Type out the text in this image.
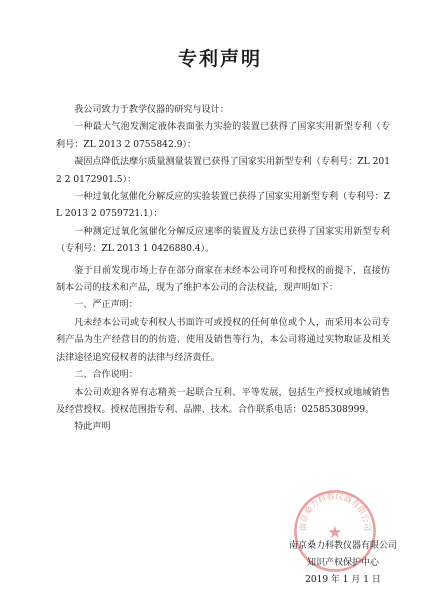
专利声明

我公司致力于教学仪器的研究与设计：

一种最大气泡发测定液体表面张力实验的装置已获得了国家实用新型专利（专利号：ZL 2013 2 0755842.9）：

凝固点降低法摩尔质量测量装置已获得了国家实用新型专利（专利号：ZL 2012 2 0172901.5）：

一种过氧化氢催化分解反应的实验装置已获得了国家实用新型专利（专利号：ZL 2013 2 0759721.1）：

一种测定过氧化氢催化分解反应速率的装置及方法已获得了国家实用新型专利（专利号：ZL 2013 1 0426880.4）。

鉴于目前发现市场上存在部分商家在未经本公司许可和授权的前提下，直接仿制本公司的技术和产品，现为了维护本公司的合法权益，现声明如下：

一、严正声明：

凡未经本公司或专利权人书面许可或授权的任何单位或个人，而采用本公司专利产品为生产经营目的的仿造、使用及销售等行为，本公司将通过实物取证及相关法律途径追究侵权者的法律与经济责任。

二、合作说明：

本公司欢迎各界有志精英一起联合互利、平等发展，包括生产授权或地域销售及经营授权。授权范围指专利、品牌、技术。合作联系电话：02585308999。

特此声明

南京桑力科教仪器有限公司
★
南京桑力科教仪器有限公司
知识产权保护中心
2019 年 1 月 1 日
